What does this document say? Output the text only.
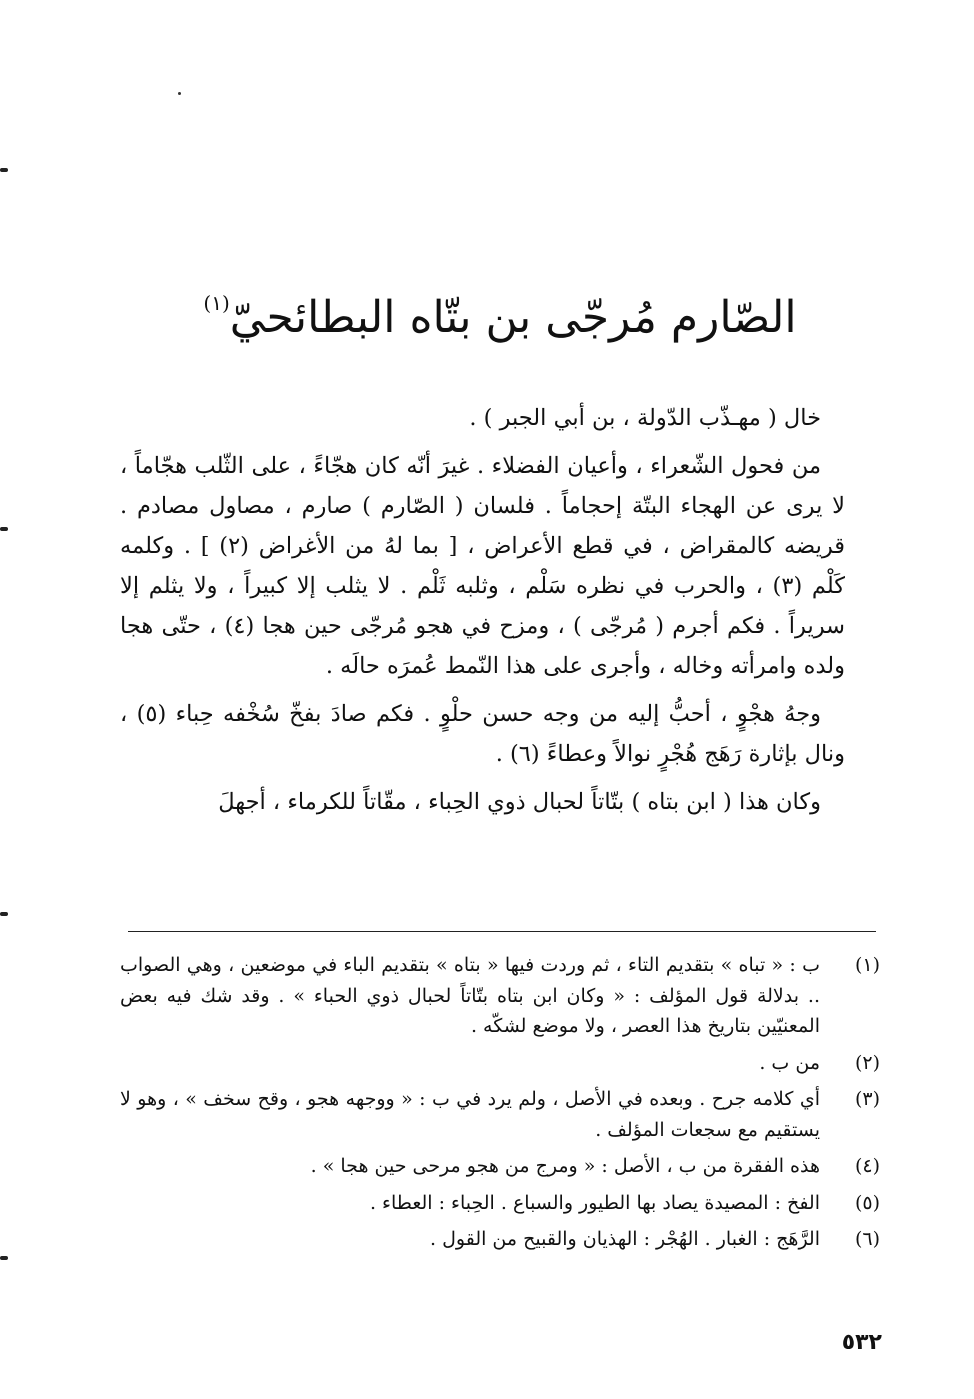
الصّارم مُرجّى بن بتّاه البطائحيّ$^{(١)}$

خال ( مهـذّب الدّولة ، بن أبي الجبر ) .

من فحول الشّعراء ، وأعيان الفضلاء . غيرَ أنّه كان هجّاءً ، على الثّلب هجّاماً ، لا يرى عن الهجاء البتّة إحجاماً . فلسان ( الصّارم ) صارم ، مصاول مصادم . قريضه كالمقراض ، في قطع الأعراض ، [ بما لهُ من الأغراض (٢) ] . وكلمه كَلْم (٣) ، والحرب في نظره سَلْم ، وثلبه ثَلْم . لا يثلب إلا كبيراً ، ولا يثلم إلا سريراً . فكم أجرم ( مُرجّى ) ، ومزح في هجو مُرجّى حين هجا (٤) ، حتّى هجا ولده وامرأته وخاله ، وأجرى على هذا النّمط عُمرَه حالَه .

وجهُ هجْوٍ ، أحبُّ إليه من وجه حسن حلْوٍ . فكم صادَ بفخّ سُخْفه حِباء (٥) ، ونال بإثارة رَهَج هُجْرٍ نوالاً وعطاءً (٦) .

وكان هذا ( ابن بتاه ) بتّاتاً لحبال ذوي الحِباء ، مقّاتاً للكرماء ، أجهلَ

(١)
ب : « تباه » بتقديم التاء ، ثم وردت فيها « بتاه » بتقديم الباء في موضعين ، وهي الصواب .. بدلالة قول المؤلف : « وكان ابن بتاه بتّاتاً لحبال ذوي الحباء » . وقد شك فيه بعض المعنيّين بتاريخ هذا العصر ، ولا موضع لشكّه .
(٢)
من ب .
(٣)
أي كلامه جرح . وبعده في الأصل ، ولم يرد في ب : « ووجهه هجو ، وقح سخف » ، وهو لا يستقيم مع سجعات المؤلف .
(٤)
هذه الفقرة من ب ، الأصل : « ومرج من هجو مرحى حين هجا » .
(٥)
الفخ : المصيدة يصاد بها الطيور والسباع . الحِباء : العطاء .
(٦)
الرَّهَج : الغبار . الهُجْر : الهذيان والقبيح من القول .
٥٣٢
